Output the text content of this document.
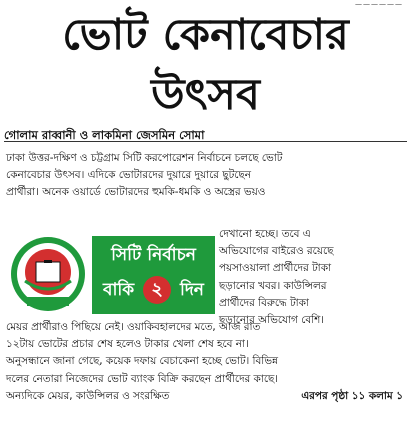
——————
ভোট কেনাবেচার
উৎসব
গোলাম রাব্বানী ও লাকমিনা জেসমিন সোমা
ঢাকা উত্তর-দক্ষিণ ও চট্টগ্রাম সিটি করপোরেশন নির্বাচনে চলছে ভোট
কেনাবেচার উৎসব। এদিকে ভোটারদের দুয়ারে দুয়ারে ছুটছেন
প্রার্থীরা। অনেক ওয়ার্ডে ভোটারদের হুমকি-ধমকি ও অস্ত্রের ভয়ও
সিটি নির্বাচন
বাকি ২ দিন
দেখানো হচ্ছে। তবে এ
অভিযোগের বাইরেও রয়েছে
পয়সাওয়ালা প্রার্থীদের টাকা
ছড়ানোর খবর। কাউন্সিলর
প্রার্থীদের বিরুদ্ধে টাকা
ছড়ানোর অভিযোগ বেশি।
মেয়র প্রার্থীরাও পিছিয়ে নেই। ওয়াকিবহালদের মতে, আজ রাত
১২টায় ভোটের প্রচার শেষ হলেও টাকার খেলা শেষ হবে না।
অনুসন্ধানে জানা গেছে, কয়েক দফায় বেচাকেনা হচ্ছে ভোট। বিভিন্ন
দলের নেতারা নিজেদের ভোট ব্যাংক বিক্রি করছেন প্রার্থীদের কাছে।
অন্যদিকে মেয়র, কাউন্সিলর ও সংরক্ষিত	এরপর পৃষ্ঠা ১১ কলাম ১
